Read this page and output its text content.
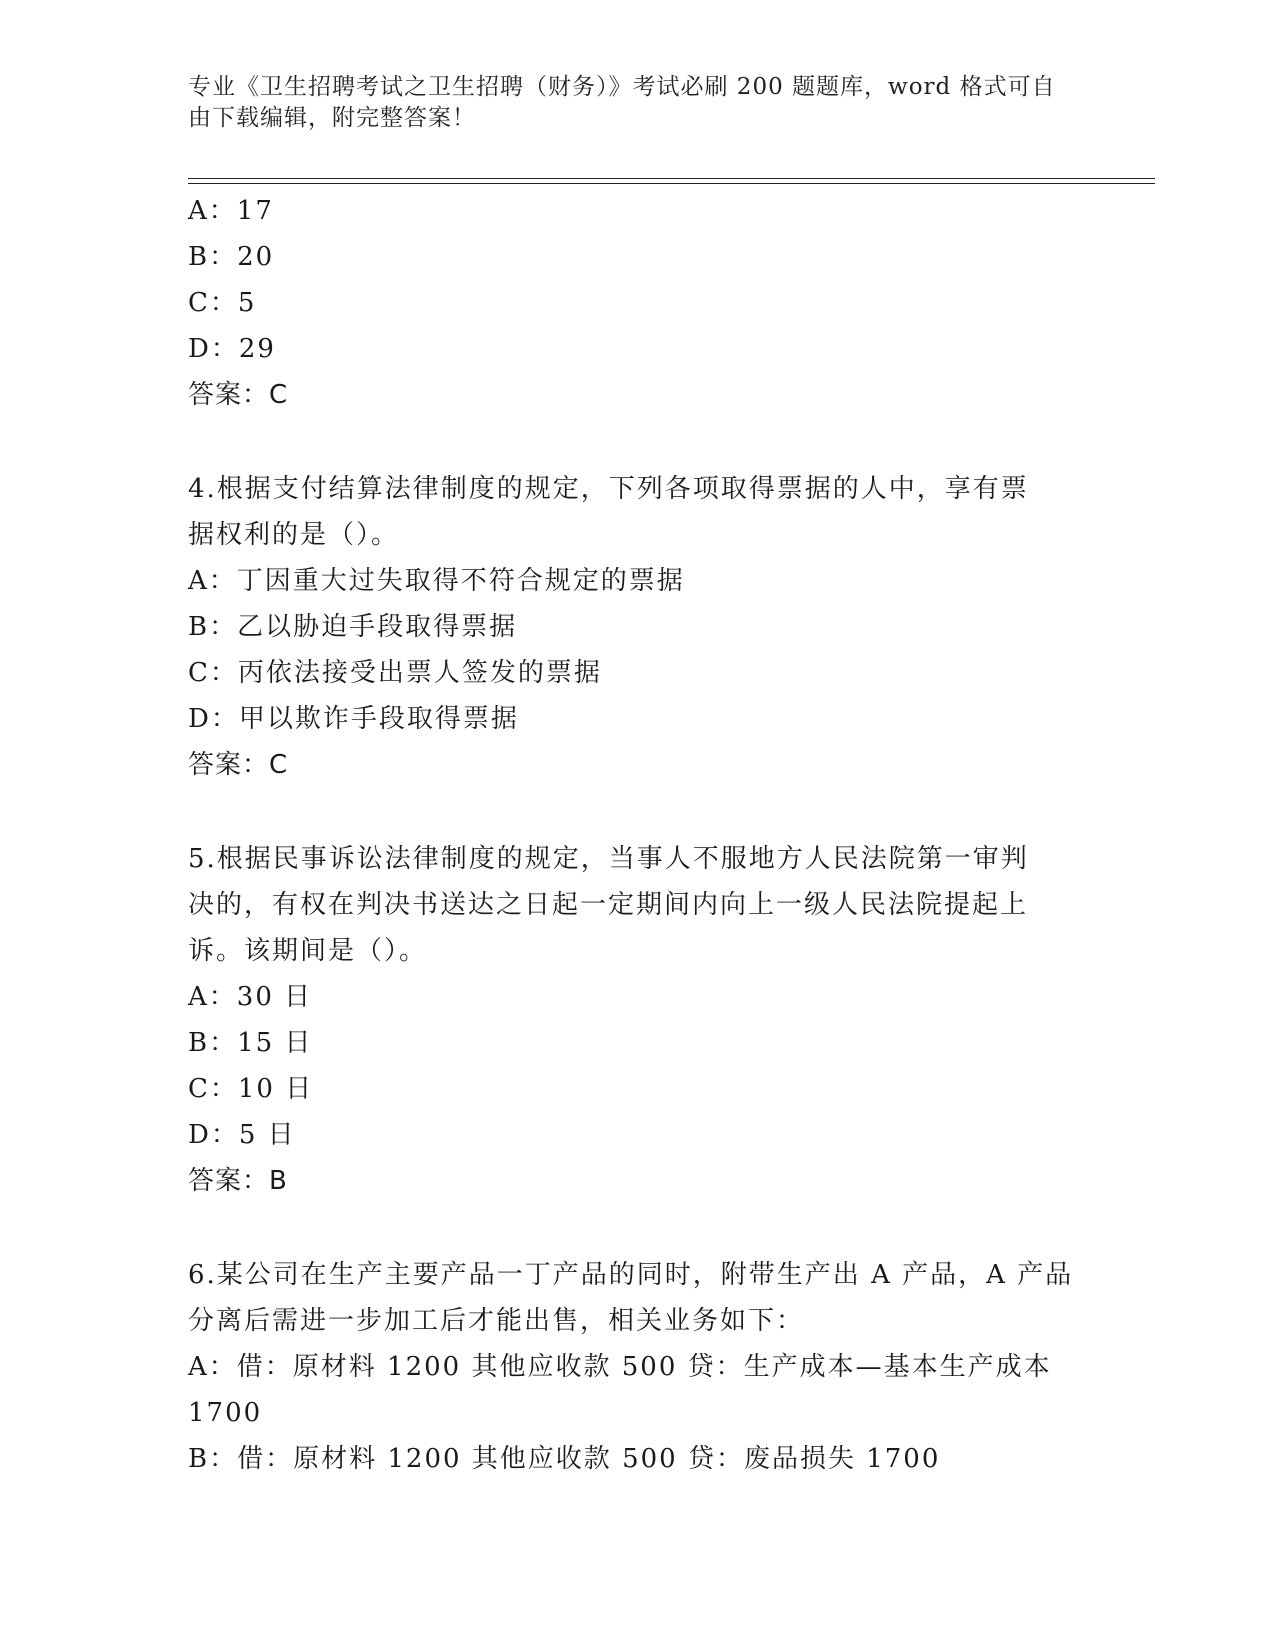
专业《卫生招聘考试之卫生招聘（财务）》考试必刷 200 题题库，word 格式可自
由下载编辑，附完整答案！
A：17
B：20
C：5
D：29
答案：C
4.根据支付结算法律制度的规定，下列各项取得票据的人中，享有票
据权利的是（）。
A：丁因重大过失取得不符合规定的票据
B：乙以胁迫手段取得票据
C：丙依法接受出票人签发的票据
D：甲以欺诈手段取得票据
答案：C
5.根据民事诉讼法律制度的规定，当事人不服地方人民法院第一审判
决的，有权在判决书送达之日起一定期间内向上一级人民法院提起上
诉。该期间是（）。
A：30 日
B：15 日
C：10 日
D：5 日
答案：B
6.某公司在生产主要产品一丁产品的同时，附带生产出 A 产品，A 产品
分离后需进一步加工后才能出售，相关业务如下：
A：借：原材料 1200 其他应收款 500 贷：生产成本—基本生产成本
1700
B：借：原材料 1200 其他应收款 500 贷：废品损失 1700
